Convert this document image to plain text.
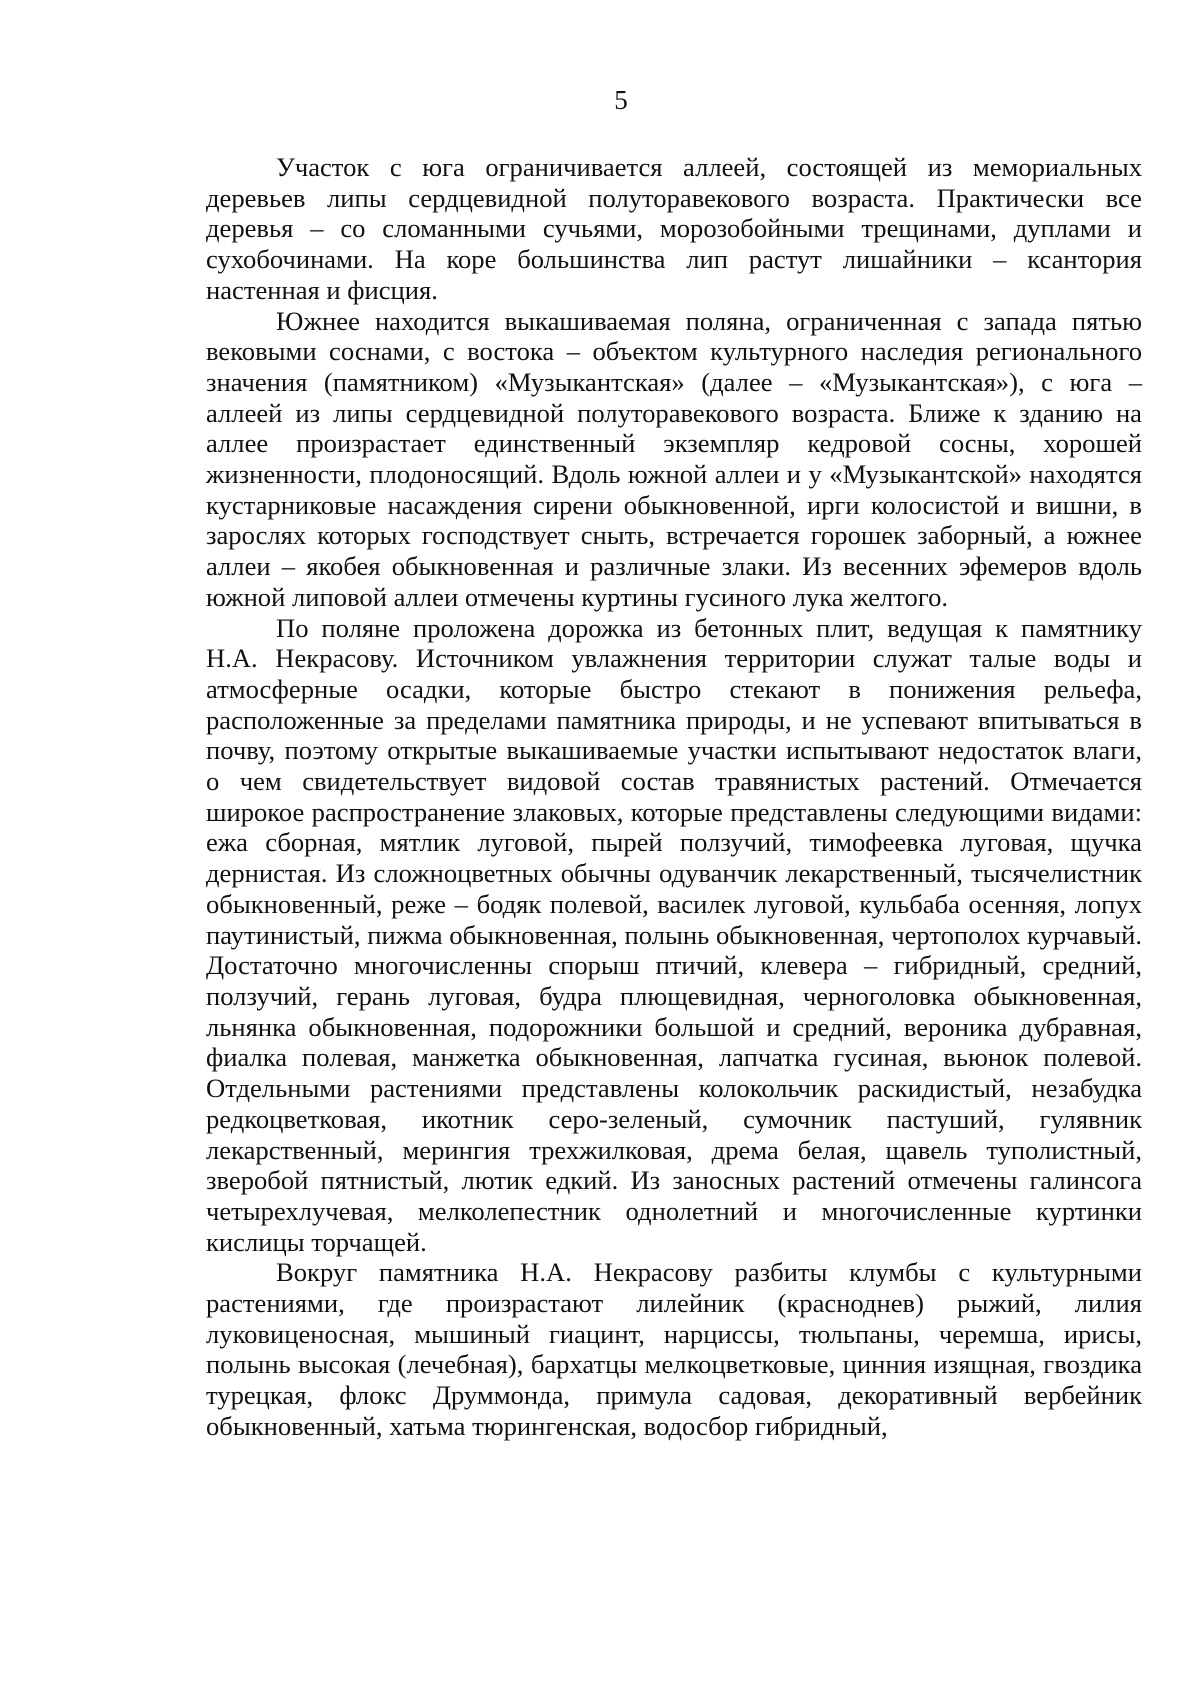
5

Участок с юга ограничивается аллеей, состоящей из мемориальных деревьев липы сердцевидной полуторавекового возраста. Практически все деревья – со сломанными сучьями, морозобойными трещинами, дуплами и сухобочинами. На коре большинства лип растут лишайники – ксантория настенная и фисция.

Южнее находится выкашиваемая поляна, ограниченная с запада пятью вековыми соснами, с востока – объектом культурного наследия регионального значения (памятником) «Музыкантская» (далее – «Музыкантская»), с юга – аллеей из липы сердцевидной полуторавекового возраста. Ближе к зданию на аллее произрастает единственный экземпляр кедровой сосны, хорошей жизненности, плодоносящий. Вдоль южной аллеи и у «Музыкантской» находятся кустарниковые насаждения сирени обыкновенной, ирги колосистой и вишни, в зарослях которых господствует сныть, встречается горошек заборный, а южнее аллеи – якобея обыкновенная и различные злаки. Из весенних эфемеров вдоль южной липовой аллеи отмечены куртины гусиного лука желтого.

По поляне проложена дорожка из бетонных плит, ведущая к памятнику Н.А. Некрасову. Источником увлажнения территории служат талые воды и атмосферные осадки, которые быстро стекают в понижения рельефа, расположенные за пределами памятника природы, и не успевают впитываться в почву, поэтому открытые выкашиваемые участки испытывают недостаток влаги, о чем свидетельствует видовой состав травянистых растений. Отмечается широкое распространение злаковых, которые представлены следующими видами: ежа сборная, мятлик луговой, пырей ползучий, тимофеевка луговая, щучка дернистая. Из сложноцветных обычны одуванчик лекарственный, тысячелистник обыкновенный, реже – бодяк полевой, василек луговой, кульбаба осенняя, лопух паутинистый, пижма обыкновенная, полынь обыкновенная, чертополох курчавый. Достаточно многочисленны спорыш птичий, клевера – гибридный, средний, ползучий, герань луговая, будра плющевидная, черноголовка обыкновенная, льнянка обыкновенная, подорожники большой и средний, вероника дубравная, фиалка полевая, манжетка обыкновенная, лапчатка гусиная, вьюнок полевой. Отдельными растениями представлены колокольчик раскидистый, незабудка редкоцветковая, икотник серо-зеленый, сумочник пастуший, гулявник лекарственный, мерингия трехжилковая, дрема белая, щавель туполистный, зверобой пятнистый, лютик едкий. Из заносных растений отмечены галинсога четырехлучевая, мелколепестник однолетний и многочисленные куртинки кислицы торчащей.

Вокруг памятника Н.А. Некрасову разбиты клумбы с культурными растениями, где произрастают лилейник (красноднев) рыжий, лилия луковиценосная, мышиный гиацинт, нарциссы, тюльпаны, черемша, ирисы, полынь высокая (лечебная), бархатцы мелкоцветковые, цинния изящная, гвоздика турецкая, флокс Друммонда, примула садовая, декоративный вербейник обыкновенный, хатьма тюрингенская, водосбор гибридный,
